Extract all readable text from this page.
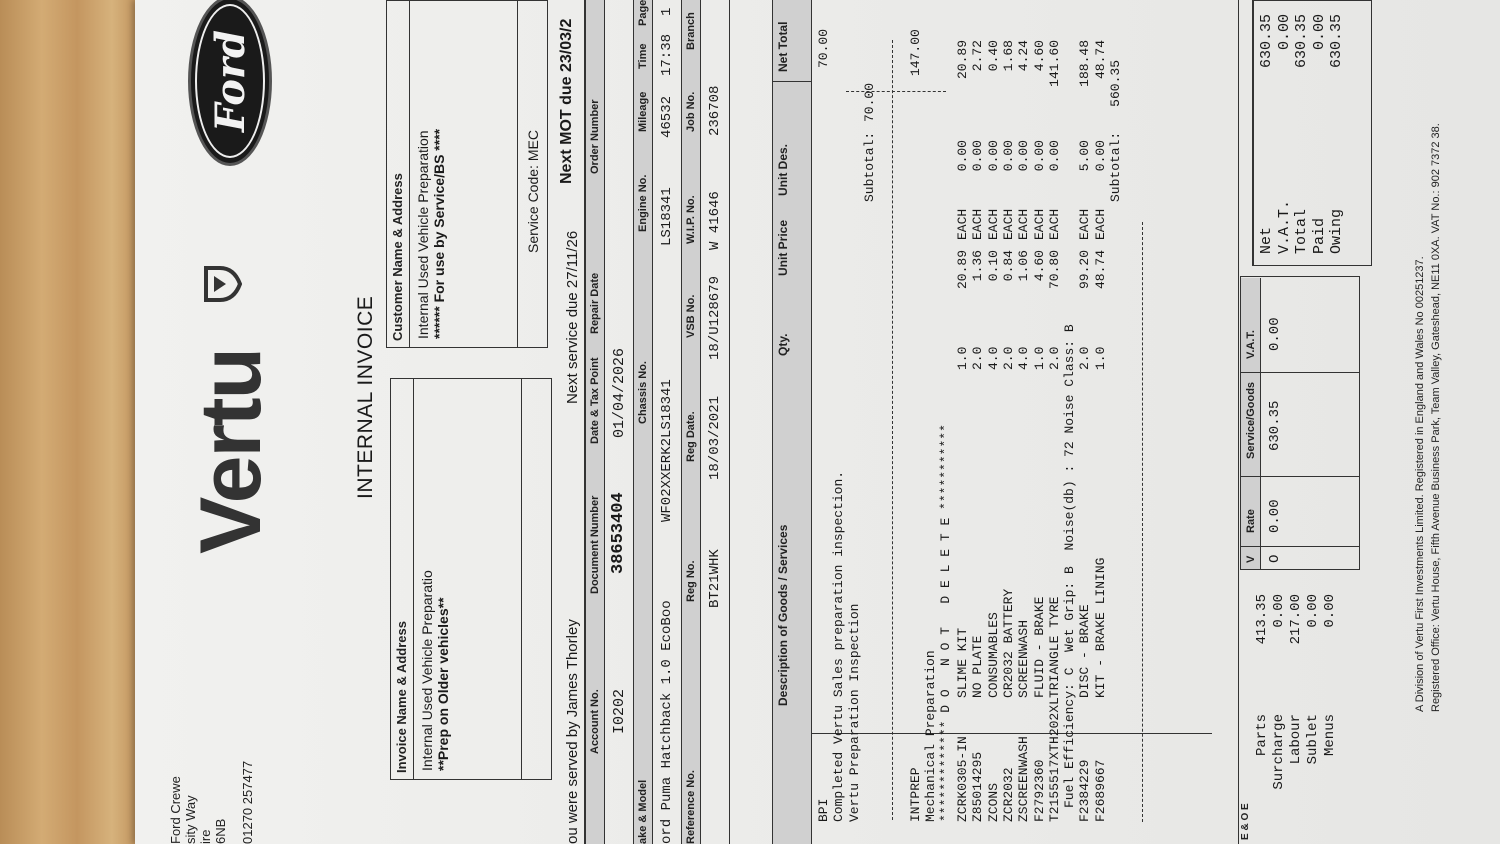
Ford Crewe sity Way ire 6NB 01270 257477
Vertu
Ford
INTERNAL INVOICE
Invoice Name & Address Internal Used Vehicle Preparatio **Prep on Older vehicles**
Customer Name & Address Internal Used Vehicle Preparation ****** For use by Service/BS ****	Service Code: MEC
ou were served by James Thorley
Next service due 27/11/26
Next MOT due 23/03/2
Account No.
Document Number
Date & Tax Point
Repair Date
Order Number
I0202
38653404
01/04/2026
ake & Model
Chassis No.
Engine No.
Mileage
Time
Page
ord Puma Hatchback 1.0 EcoBoo
WF02XXERK2LS18341
LS18341
46532
17:38
1
Reference No.
Reg No.
Reg Date.
VSB No.
W.I.P. No.
Job No.
Branch
BT21WHK
18/03/2021
18/U128679
W 41646
236708
Description of Goods / Services
Qty.
Unit Price
Unit Des.
Net Total
BPI Completed Vertu Sales preparation inspection. Vertu Preparation Inspection
Subtotal:
70.00
INTPREP Mechanical Preparation ************* D O   N O T   D E L E T E ***********
70.00	147.00
ZCRK0305-IN
SLIME KIT
1.0
20.89
EACH
0.00
20.89
Z85014295
NO PLATE
2.0
1.36
EACH
0.00
2.72
ZCONS
CONSUMABLES
4.0
0.10
EACH
0.00
0.40
ZCR2032
CR2032 BATTERY
2.0
0.84
EACH
0.00
1.68
ZSCREENWASH
SCREENWASH
4.0
1.06
EACH
0.00
4.24
F2792360
FLUID - BRAKE
1.0
4.60
EACH
0.00
4.60
T2155517XTH202XL
TRIANGLE TYRE
2.0
70.80
EACH
0.00
141.60
Fuel Efficiency: C  Wet Grip: B  Noise(db) : 72 Noise Class: B F2384229
DISC - BRAKE
2.0
99.20
EACH
5.00
188.48
F2689667
KIT - BRAKE LINING
1.0
48.74
EACH
0.00
48.74
Subtotal:
560.35
E & O E
Parts
413.35
Surcharge
0.00
Labour
217.00
Sublet
0.00
Menus
0.00
V
Rate
Service/Goods
V.A.T.
O
0.00
630.35
0.00
Net
630.35
V.A.T.
0.00
Total
630.35
Paid
0.00
Owing
630.35
A Division of Vertu First Investments Limited. Registered in England and Wales No 00251237. Registered Office: Vertu House, Fifth Avenue Business Park, Team Valley, Gateshead, NE11 0XA. VAT No.: 902 7372 38.
